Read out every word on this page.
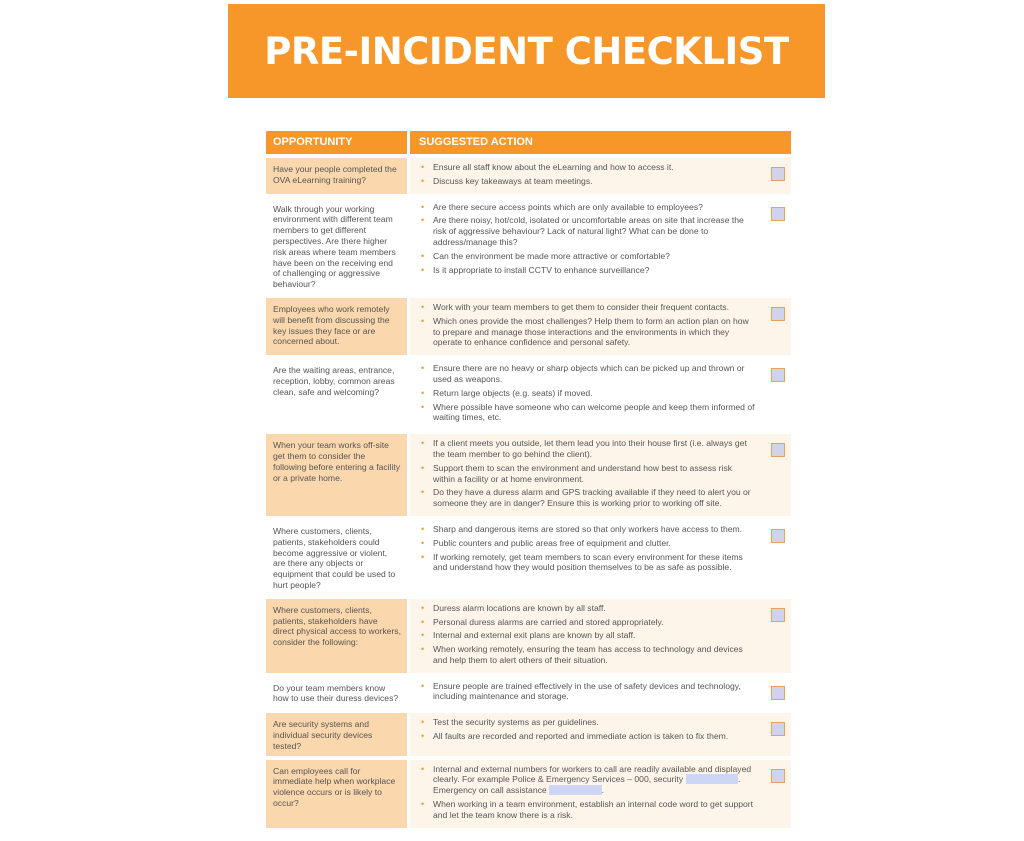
PRE-INCIDENT CHECKLIST
OPPORTUNITY	SUGGESTED ACTION
Have your people completed the OVA eLearning training?
• Ensure all staff know about the eLearning and how to access it.
• Discuss key takeaways at team meetings.
Walk through your working environment with different team members to get different perspectives. Are there higher risk areas where team members have been on the receiving end of challenging or aggressive behaviour?
• Are there secure access points which are only available to employees?
• Are there noisy, hot/cold, isolated or uncomfortable areas on site that increase the risk of aggressive behaviour? Lack of natural light? What can be done to address/manage this?
• Can the environment be made more attractive or comfortable?
• Is it appropriate to install CCTV to enhance surveillance?
Employees who work remotely will benefit from discussing the key issues they face or are concerned about.
• Work with your team members to get them to consider their frequent contacts.
• Which ones provide the most challenges? Help them to form an action plan on how to prepare and manage those interactions and the environments in which they operate to enhance confidence and personal safety.
Are the waiting areas, entrance, reception, lobby, common areas clean, safe and welcoming?
• Ensure there are no heavy or sharp objects which can be picked up and thrown or used as weapons.
• Return large objects (e.g. seats) if moved.
• Where possible have someone who can welcome people and keep them informed of waiting times, etc.
When your team works off-site get them to consider the following before entering a facility or a private home.
• If a client meets you outside, let them lead you into their house first (i.e. always get the team member to go behind the client).
• Support them to scan the environment and understand how best to assess risk within a facility or at home environment.
• Do they have a duress alarm and GPS tracking available if they need to alert you or someone they are in danger? Ensure this is working prior to working off site.
Where customers, clients, patients, stakeholders could become aggressive or violent, are there any objects or equipment that could be used to hurt people?
• Sharp and dangerous items are stored so that only workers have access to them.
• Public counters and public areas free of equipment and clutter.
• If working remotely, get team members to scan every environment for these items and understand how they would position themselves to be as safe as possible.
Where customers, clients, patients, stakeholders have direct physical access to workers, consider the following:
• Duress alarm locations are known by all staff.
• Personal duress alarms are carried and stored appropriately.
• Internal and external exit plans are known by all staff.
• When working remotely, ensuring the team has access to technology and devices and help them to alert others of their situation.
Do your team members know how to use their duress devices?
• Ensure people are trained effectively in the use of safety devices and technology, including maintenance and storage.
Are security systems and individual security devices tested?
• Test the security systems as per guidelines.
• All faults are recorded and reported and immediate action is taken to fix them.
Can employees call for immediate help when workplace violence occurs or is likely to occur?
• Internal and external numbers for workers to call are readily available and displayed clearly. For example Police & Emergency Services – 000, security	. Emergency on call assistance	.
• When working in a team environment, establish an internal code word to get support and let the team know there is a risk.
